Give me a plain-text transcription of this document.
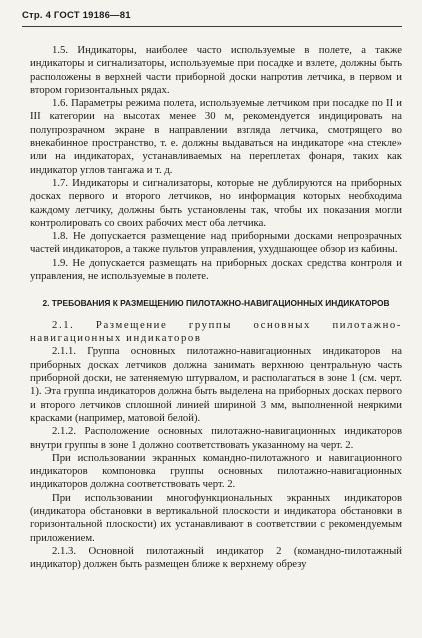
Стр. 4 ГОСТ 19186—81

1.5. Индикаторы, наиболее часто используемые в полете, а также индикаторы и сигнализаторы, используемые при посадке и взлете, должны быть расположены в верхней части приборной доски напротив летчика, в первом и втором горизонтальных рядах.

1.6. Параметры режима полета, используемые летчиком при посадке по II и III категории на высотах менее 30 м, рекомендуется индицировать на полупрозрачном экране в направлении взгляда летчика, смотрящего во внекабинное пространство, т. е. должны выдаваться на индикаторе «на стекле» или на индикаторах, устанавливаемых на переплетах фонаря, таких как индикатор углов тангажа и т. д.

1.7. Индикаторы и сигнализаторы, которые не дублируются на приборных досках первого и второго летчиков, но информация которых необходима каждому летчику, должны быть установлены так, чтобы их показания могли контролировать со своих рабочих мест оба летчика.

1.8. Не допускается размещение над приборными досками непрозрачных частей индикаторов, а также пультов управления, ухудшающее обзор из кабины.

1.9. Не допускается размещать на приборных досках средства контроля и управления, не используемые в полете.

2. ТРЕБОВАНИЯ К РАЗМЕЩЕНИЮ ПИЛОТАЖНО-НАВИГАЦИОННЫХ ИНДИКАТОРОВ

2.1. Размещение группы основных пилотажно-навигационных индикаторов

2.1.1. Группа основных пилотажно-навигационных индикаторов на приборных досках летчиков должна занимать верхнюю центральную часть приборной доски, не затеняемую штурвалом, и располагаться в зоне 1 (см. черт. 1). Эта группа индикаторов должна быть выделена на приборных досках первого и второго летчиков сплошной линией шириной 3 мм, выполненной неяркими красками (например, матовой белой).

2.1.2. Расположение основных пилотажно-навигационных индикаторов внутри группы в зоне 1 должно соответствовать указанному на черт. 2.

При использовании экранных командно-пилотажного и навигационного индикаторов компоновка группы основных пилотажно-навигационных индикаторов должна соответствовать черт. 2.

При использовании многофункциональных экранных индикаторов (индикатора обстановки в вертикальной плоскости и индикатора обстановки в горизонтальной плоскости) их устанавливают в соответствии с рекомендуемым приложением.

2.1.3. Основной пилотажный индикатор 2 (командно-пилотажный индикатор) должен быть размещен ближе к верхнему обрезу
